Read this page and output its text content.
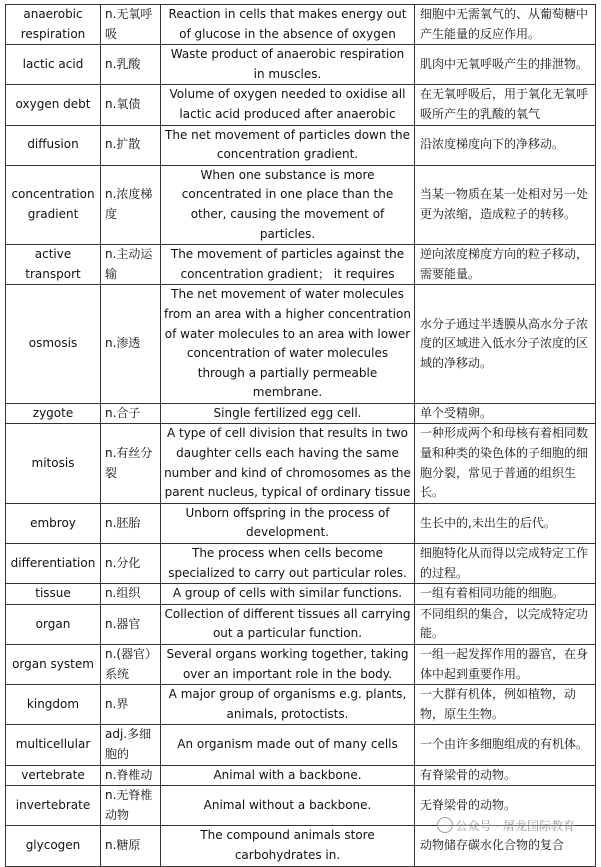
anaerobic respiration	n.无氧呼吸	Reaction in cells that makes energy out of glucose in the absence of oxygen	细胞中无需氧气的、从葡萄糖中产生能量的反应作用。
lactic acid	n.乳酸	Waste product of anaerobic respiration in muscles.	肌肉中无氧呼吸产生的排泄物。
oxygen debt	n.氧债	Volume of oxygen needed to oxidise all lactic acid produced after anaerobic	在无氧呼吸后，用于氧化无氧呼吸所产生的乳酸的氧气
diffusion	n.扩散	The net movement of particles down the concentration gradient.	沿浓度梯度向下的净移动。
concentration gradient	n.浓度梯度	When one substance is more concentrated in one place than the other, causing the movement of particles.	当某一物质在某一处相对另一处更为浓缩，造成粒子的转移。
active transport	n.主动运输	The movement of particles against the concentration gradient； it requires	逆向浓度梯度方向的粒子移动，需要能量。
osmosis	n.渗透	The net movement of water molecules from an area with a higher concentration of water molecules to an area with lower concentration of water molecules through a partially permeable membrane.	水分子通过半透膜从高水分子浓度的区域进入低水分子浓度的区域的净移动。
zygote	n.合子	Single fertilized egg cell.	单个受精卵。
mitosis	n.有丝分裂	A type of cell division that results in two daughter cells each having the same number and kind of chromosomes as the parent nucleus, typical of ordinary tissue	一种形成两个和母核有着相同数量和种类的染色体的子细胞的细胞分裂，常见于普通的组织生长。
embroy	n.胚胎	Unborn offspring in the process of development.	生长中的,未出生的后代。
differentiation	n.分化	The process when cells become specialized to carry out particular roles.	细胞特化从而得以完成特定工作的过程。
tissue	n.组织	A group of cells with similar functions.	一组有着相同功能的细胞。
organ	n.器官	Collection of different tissues all carrying out a particular function.	不同组织的集合，以完成特定功能。
organ system	n.(器官）系统	Several organs working together, taking over an important role in the body.	一组一起发挥作用的器官，在身体中起到重要作用。
kingdom	n.界	A major group of organisms e.g. plants, animals, protoctists.	一大群有机体，例如植物，动物，原生生物。
multicellular	adj.多细胞的	An organism made out of many cells	一个由许多细胞组成的有机体。
vertebrate	n.脊椎动	Animal with a backbone.	有脊梁骨的动物。
invertebrate	n.无脊椎动物	Animal without a backbone.	无脊梁骨的动物。
glycogen	n.糖原	The compound animals store carbohydrates in.	动物储存碳水化合物的复合
公众号 · 屠龙国际教育
